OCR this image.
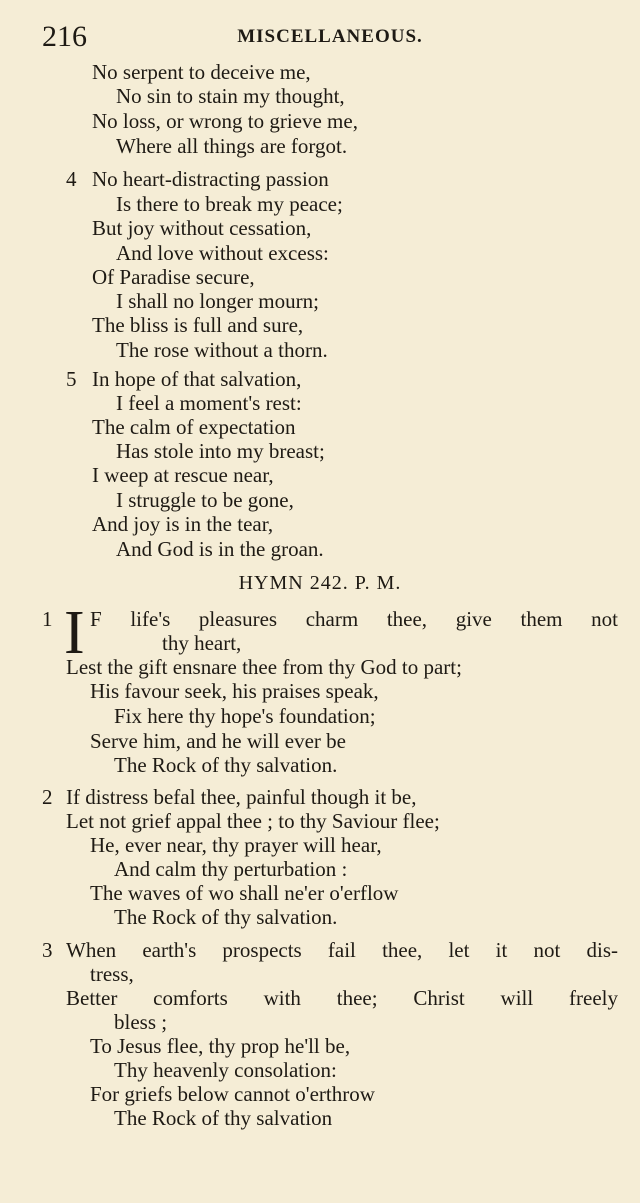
216	MISCELLANEOUS.
No serpent to deceive me,
No sin to stain my thought,
No loss, or wrong to grieve me,
Where all things are forgot.
4 No heart-distracting passion
Is there to break my peace;
But joy without cessation,
And love without excess:
Of Paradise secure,
I shall no longer mourn;
The bliss is full and sure,
The rose without a thorn.
5 In hope of that salvation,
I feel a moment's rest:
The calm of expectation
Has stole into my breast;
I weep at rescue near,
I struggle to be gone,
And joy is in the tear,
And God is in the groan.
HYMN 242. P. M.
1 I F life's pleasures charm thee, give them not
thy heart,
Lest the gift ensnare thee from thy God to part;
His favour seek, his praises speak,
Fix here thy hope's foundation;
Serve him, and he will ever be
The Rock of thy salvation.
2 If distress befal thee, painful though it be,
Let not grief appal thee ; to thy Saviour flee;
He, ever near, thy prayer will hear,
And calm thy perturbation :
The waves of wo shall ne'er o'erflow
The Rock of thy salvation.
3 When earth's prospects fail thee, let it not dis-
tress,
Better comforts with thee; Christ will freely
bless ;
To Jesus flee, thy prop he'll be,
Thy heavenly consolation:
For griefs below cannot o'erthrow
The Rock of thy salvation
